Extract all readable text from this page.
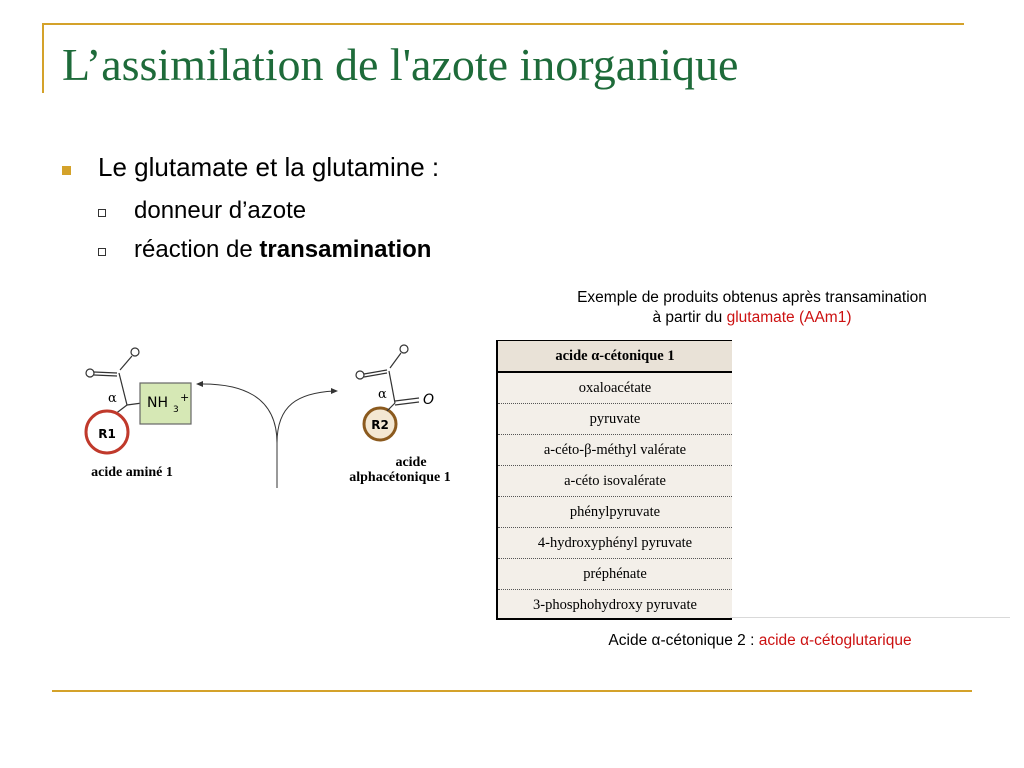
L’assimilation de l'azote inorganique
Le glutamate et la glutamine :
donneur d’azote
réaction de transamination
α NH 3
+
R1
acide aminé 1
O
α
R2
acide
alphacétonique 1
Exemple de produits obtenus après transamination
à partir du glutamate (AAm1)
acide α-cétonique 1
oxaloacétate
pyruvate
a-céto-β-méthyl valérate
a-céto isovalérate
phénylpyruvate
4-hydroxyphényl pyruvate
préphénate
3-phosphohydroxy pyruvate
Acide α-cétonique 2 : acide α-cétoglutarique
